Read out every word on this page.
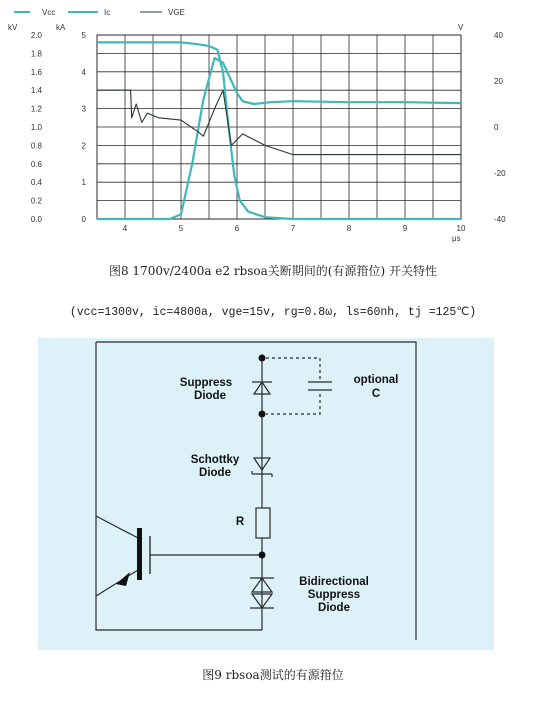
Vcc	Ic	VGE
kV	kA	V
μs
0.0
0.2
0.4
0.6
0.8
1.0
1.2
1.4
1.6
1.8
2.0
0
1
2
3
4
5
-40
-20
0
20
40
4	5	6	7	8	9	10
图8 1700v/2400a e2 rbsoa关断期间的(有源箝位) 开关特性
(vcc=1300v, ic=4800a, vge=15v, rg=0.8ω, ls=60nh, tj =125℃)
Suppress
Diode
optional
C
Schottky
Diode
R
Bidirectional
Suppress
Diode
图9 rbsoa测试的有源箝位
